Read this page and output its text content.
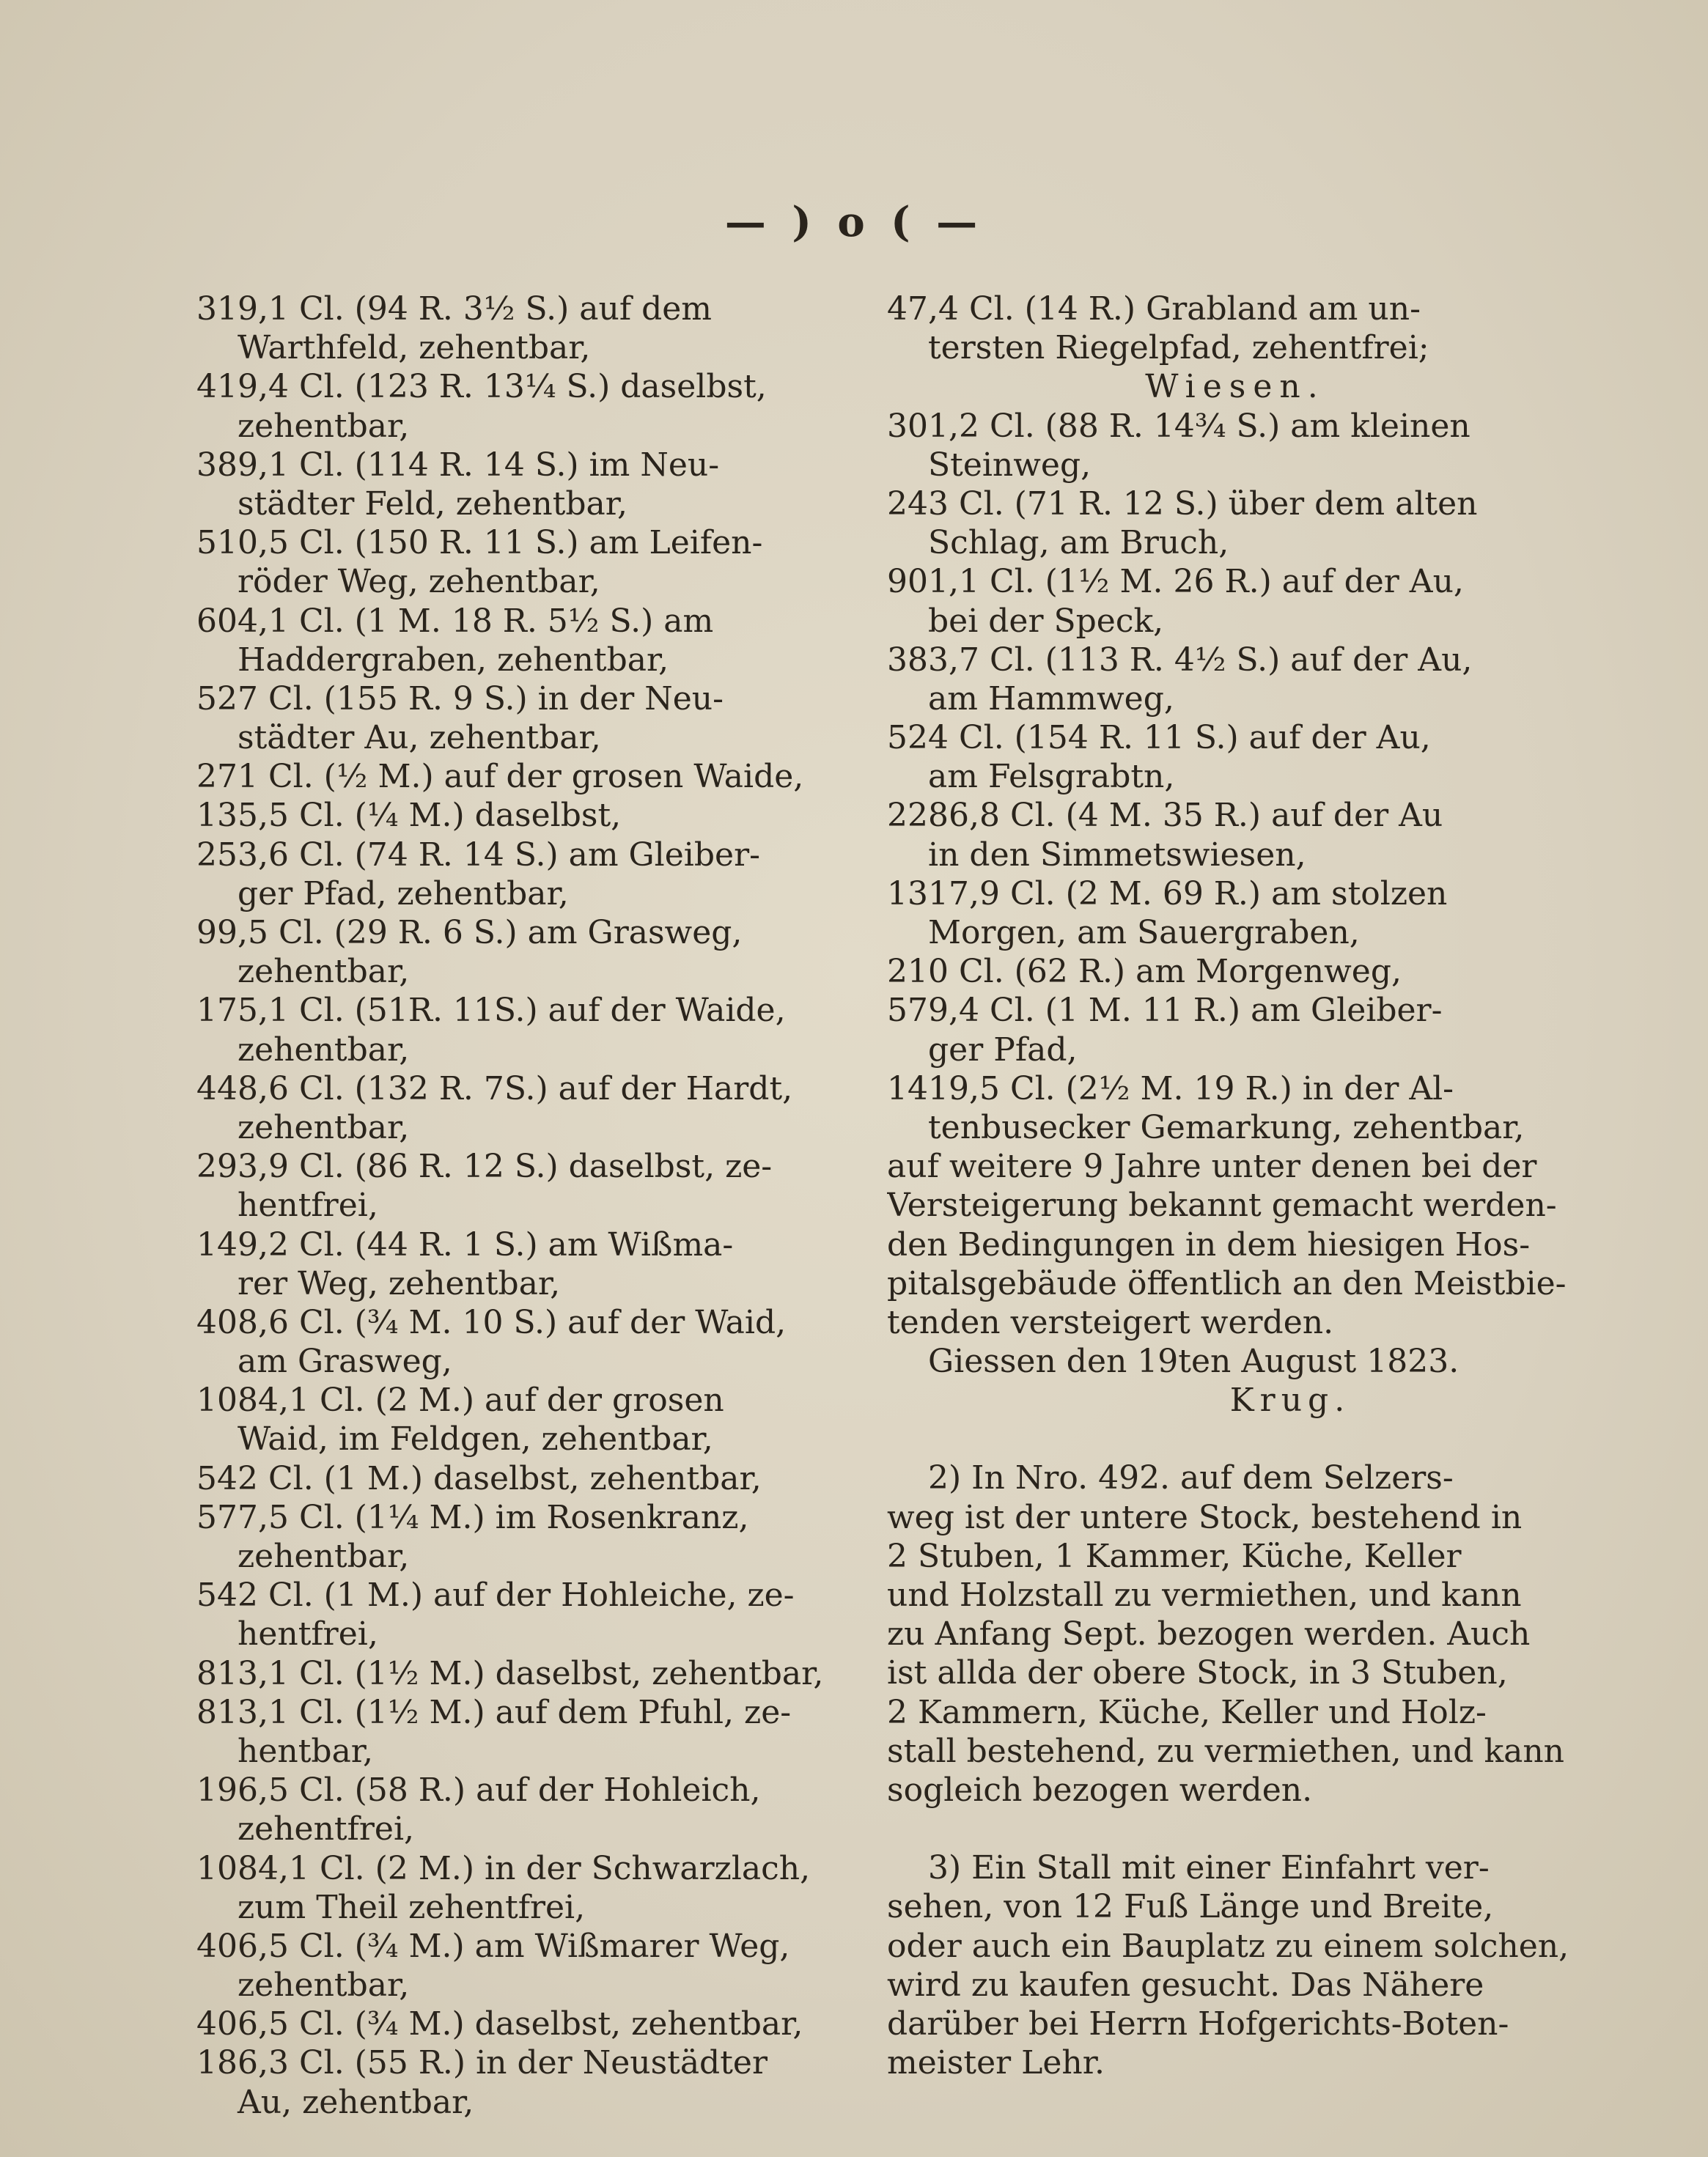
— ) o ( —
319,1 Cl. (94 R. 3½ S.) auf dem
Warthfeld, zehentbar,
419,4 Cl. (123 R. 13¼ S.) daselbst,
zehentbar,
389,1 Cl. (114 R. 14 S.) im Neu-
städter Feld, zehentbar,
510,5 Cl. (150 R. 11 S.) am Leifen-
röder Weg, zehentbar,
604,1 Cl. (1 M. 18 R. 5½ S.) am
Haddergraben, zehentbar,
527 Cl. (155 R. 9 S.) in der Neu-
städter Au, zehentbar,
271 Cl. (½ M.) auf der grosen Waide,
135,5 Cl. (¼ M.) daselbst,
253,6 Cl. (74 R. 14 S.) am Gleiber-
ger Pfad, zehentbar,
99,5 Cl. (29 R. 6 S.) am Grasweg,
zehentbar,
175,1 Cl. (51R. 11S.) auf der Waide,
zehentbar,
448,6 Cl. (132 R. 7S.) auf der Hardt,
zehentbar,
293,9 Cl. (86 R. 12 S.) daselbst, ze-
hentfrei,
149,2 Cl. (44 R. 1 S.) am Wißma-
rer Weg, zehentbar,
408,6 Cl. (¾ M. 10 S.) auf der Waid,
am Grasweg,
1084,1 Cl. (2 M.) auf der grosen
Waid, im Feldgen, zehentbar,
542 Cl. (1 M.) daselbst, zehentbar,
577,5 Cl. (1¼ M.) im Rosenkranz,
zehentbar,
542 Cl. (1 M.) auf der Hohleiche, ze-
hentfrei,
813,1 Cl. (1½ M.) daselbst, zehentbar,
813,1 Cl. (1½ M.) auf dem Pfuhl, ze-
hentbar,
196,5 Cl. (58 R.) auf der Hohleich,
zehentfrei,
1084,1 Cl. (2 M.) in der Schwarzlach,
zum Theil zehentfrei,
406,5 Cl. (¾ M.) am Wißmarer Weg,
zehentbar,
406,5 Cl. (¾ M.) daselbst, zehentbar,
186,3 Cl. (55 R.) in der Neustädter
Au, zehentbar,
47,4 Cl. (14 R.) Grabland am un-
tersten Riegelpfad, zehentfrei;
Wiesen.
301,2 Cl. (88 R. 14¾ S.) am kleinen
Steinweg,
243 Cl. (71 R. 12 S.) über dem alten
Schlag, am Bruch,
901,1 Cl. (1½ M. 26 R.) auf der Au,
bei der Speck,
383,7 Cl. (113 R. 4½ S.) auf der Au,
am Hammweg,
524 Cl. (154 R. 11 S.) auf der Au,
am Felsgrabtn,
2286,8 Cl. (4 M. 35 R.) auf der Au
in den Simmetswiesen,
1317,9 Cl. (2 M. 69 R.) am stolzen
Morgen, am Sauergraben,
210 Cl. (62 R.) am Morgenweg,
579,4 Cl. (1 M. 11 R.) am Gleiber-
ger Pfad,
1419,5 Cl. (2½ M. 19 R.) in der Al-
tenbusecker Gemarkung, zehentbar,
auf weitere 9 Jahre unter denen bei der
Versteigerung bekannt gemacht werden-
den Bedingungen in dem hiesigen Hos-
pitalsgebäude öffentlich an den Meistbie-
tenden versteigert werden.
Giessen den 19ten August 1823.
Krug.
2) In Nro. 492. auf dem Selzers-
weg ist der untere Stock, bestehend in
2 Stuben, 1 Kammer, Küche, Keller
und Holzstall zu vermiethen, und kann
zu Anfang Sept. bezogen werden. Auch
ist allda der obere Stock, in 3 Stuben,
2 Kammern, Küche, Keller und Holz-
stall bestehend, zu vermiethen, und kann
sogleich bezogen werden.
3) Ein Stall mit einer Einfahrt ver-
sehen, von 12 Fuß Länge und Breite,
oder auch ein Bauplatz zu einem solchen,
wird zu kaufen gesucht. Das Nähere
darüber bei Herrn Hofgerichts-Boten-
meister Lehr.
